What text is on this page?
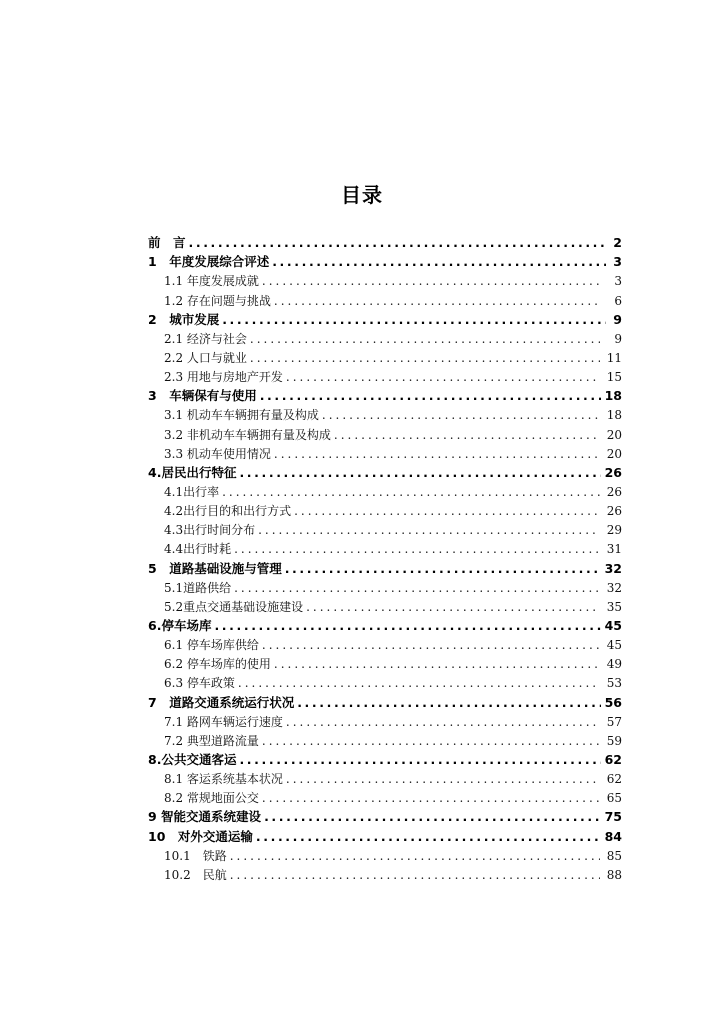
目录
前　言 .....	2
1　年度发展综合评述 .....	3
1.1 年度发展成就 .....	3
1.2 存在问题与挑战 .....	6
2　城市发展 .....	9
2.1 经济与社会 .....	9
2.2 人口与就业 .....	11
2.3 用地与房地产开发 .....	15
3　车辆保有与使用 .....	18
3.1 机动车车辆拥有量及构成 .....	18
3.2 非机动车车辆拥有量及构成 .....	20
3.3 机动车使用情况 .....	20
4.居民出行特征 .....	26
4.1出行率 .....	26
4.2出行目的和出行方式 .....	26
4.3出行时间分布 .....	29
4.4出行时耗 .....	31
5　道路基础设施与管理 .....	32
5.1道路供给 .....	32
5.2重点交通基础设施建设 .....	35
6.停车场库 .....	45
6.1 停车场库供给 .....	45
6.2 停车场库的使用 .....	49
6.3 停车政策 .....	53
7　道路交通系统运行状况 .....	56
7.1 路网车辆运行速度 .....	57
7.2 典型道路流量 .....	59
8.公共交通客运 .....	62
8.1 客运系统基本状况 .....	62
8.2 常规地面公交 .....	65
9 智能交通系统建设 .....	75
10　对外交通运输 .....	84
10.1　铁路 .....	85
10.2　民航 .....	88
